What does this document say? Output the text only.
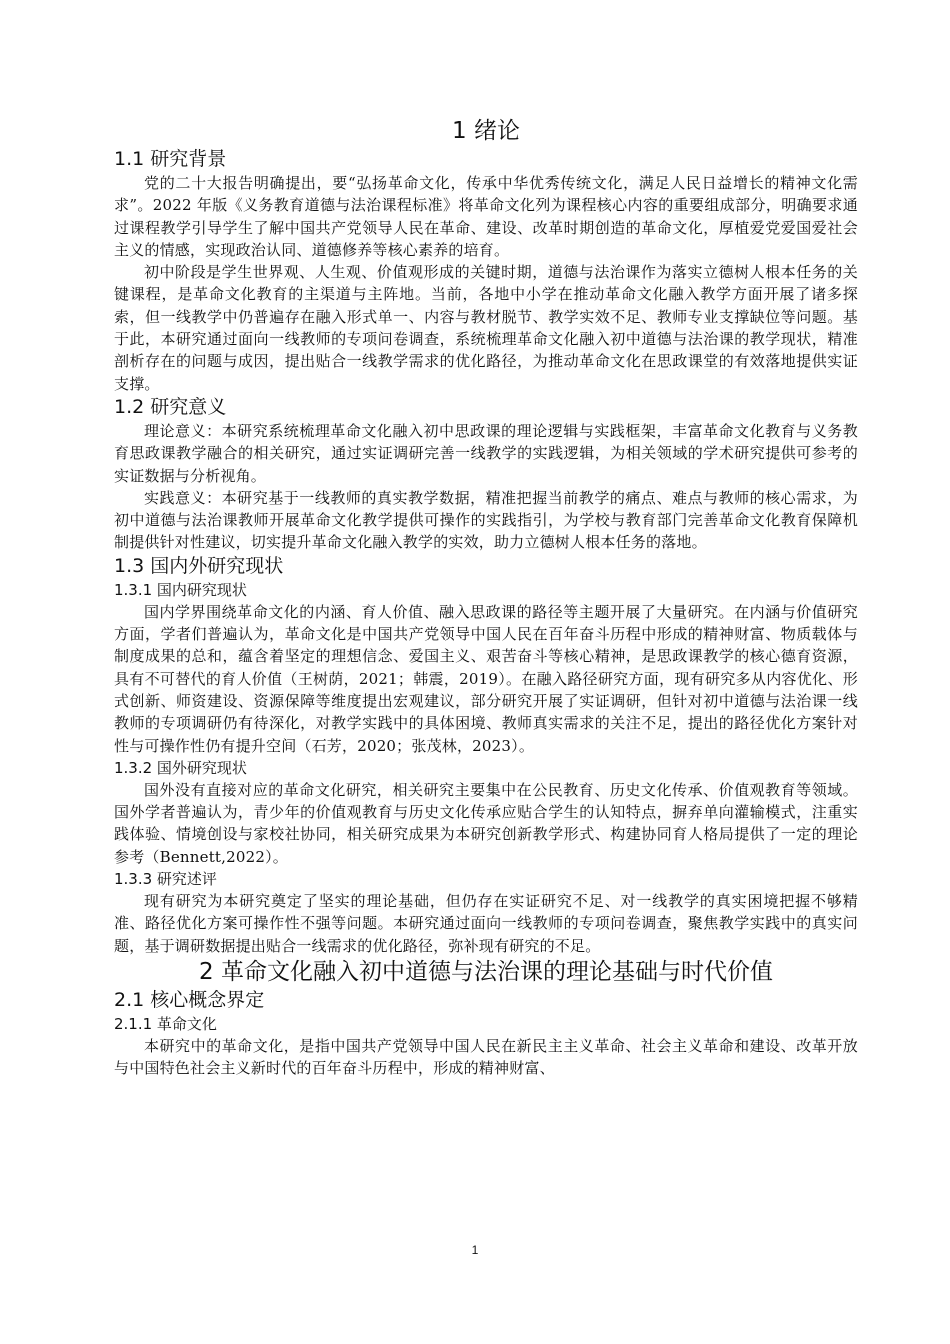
1 绪论
1.1 研究背景

党的二十大报告明确提出，要“弘扬革命文化，传承中华优秀传统文化，满足人民日益增长的精神文化需求”。2022 年版《义务教育道德与法治课程标准》将革命文化列为课程核心内容的重要组成部分，明确要求通过课程教学引导学生了解中国共产党领导人民在革命、建设、改革时期创造的革命文化，厚植爱党爱国爱社会主义的情感，实现政治认同、道德修养等核心素养的培育。

初中阶段是学生世界观、人生观、价值观形成的关键时期，道德与法治课作为落实立德树人根本任务的关键课程，是革命文化教育的主渠道与主阵地。当前，各地中小学在推动革命文化融入教学方面开展了诸多探索，但一线教学中仍普遍存在融入形式单一、内容与教材脱节、教学实效不足、教师专业支撑缺位等问题。基于此，本研究通过面向一线教师的专项问卷调查，系统梳理革命文化融入初中道德与法治课的教学现状，精准剖析存在的问题与成因，提出贴合一线教学需求的优化路径，为推动革命文化在思政课堂的有效落地提供实证支撑。

1.2 研究意义

理论意义：本研究系统梳理革命文化融入初中思政课的理论逻辑与实践框架，丰富革命文化教育与义务教育思政课教学融合的相关研究，通过实证调研完善一线教学的实践逻辑，为相关领域的学术研究提供可参考的实证数据与分析视角。

实践意义：本研究基于一线教师的真实教学数据，精准把握当前教学的痛点、难点与教师的核心需求，为初中道德与法治课教师开展革命文化教学提供可操作的实践指引，为学校与教育部门完善革命文化教育保障机制提供针对性建议，切实提升革命文化融入教学的实效，助力立德树人根本任务的落地。

1.3 国内外研究现状
1.3.1 国内研究现状

国内学界围绕革命文化的内涵、育人价值、融入思政课的路径等主题开展了大量研究。在内涵与价值研究方面，学者们普遍认为，革命文化是中国共产党领导中国人民在百年奋斗历程中形成的精神财富、物质载体与制度成果的总和，蕴含着坚定的理想信念、爱国主义、艰苦奋斗等核心精神，是思政课教学的核心德育资源，具有不可替代的育人价值（王树荫，2021；韩震，2019）。在融入路径研究方面，现有研究多从内容优化、形式创新、师资建设、资源保障等维度提出宏观建议，部分研究开展了实证调研，但针对初中道德与法治课一线教师的专项调研仍有待深化，对教学实践中的具体困境、教师真实需求的关注不足，提出的路径优化方案针对性与可操作性仍有提升空间（石芳，2020；张茂林，2023）。

1.3.2 国外研究现状

国外没有直接对应的革命文化研究，相关研究主要集中在公民教育、历史文化传承、价值观教育等领域。国外学者普遍认为，青少年的价值观教育与历史文化传承应贴合学生的认知特点，摒弃单向灌输模式，注重实践体验、情境创设与家校社协同，相关研究成果为本研究创新教学形式、构建协同育人格局提供了一定的理论参考（Bennett,2022）。

1.3.3 研究述评

现有研究为本研究奠定了坚实的理论基础，但仍存在实证研究不足、对一线教学的真实困境把握不够精准、路径优化方案可操作性不强等问题。本研究通过面向一线教师的专项问卷调查，聚焦教学实践中的真实问题，基于调研数据提出贴合一线需求的优化路径，弥补现有研究的不足。

2 革命文化融入初中道德与法治课的理论基础与时代价值
2.1 核心概念界定
2.1.1 革命文化

本研究中的革命文化，是指中国共产党领导中国人民在新民主主义革命、社会主义革命和建设、改革开放与中国特色社会主义新时代的百年奋斗历程中，形成的精神财富、

1
